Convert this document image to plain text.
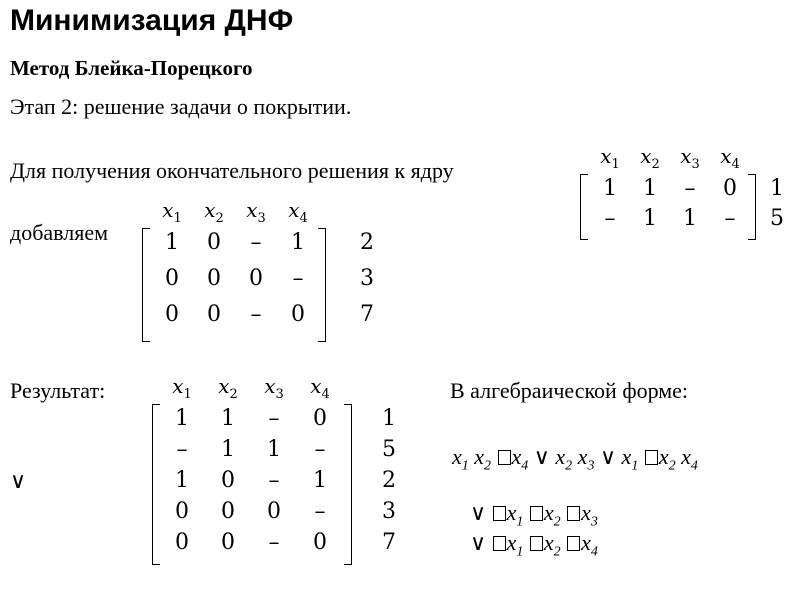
Минимизация ДНФ
Метод Блейка-Порецкого
Этап 2: решение задачи о покрытии.
Для получения окончательного решения к ядру
добавляем
Результат:
∨
В алгебраической форме:
$x_1$	$x_2$	$x_3$	$x_4$
1	1	–	0	1
–	1	1	–	5
$x_1$	$x_2$	$x_3$	$x_4$
1	0	–	1	2
0	0	0	–	3
0	0	–	0	7
$x_1$	$x_2$	$x_3$	$x_4$
1	1	–	0	1
–	1	1	–	5
1	0	–	1	2
0	0	0	–	3
0	0	–	0	7
$x_1$ $x_2$ $x_4$ ∨ $x_2$ $x_3$ ∨ $x_1$ $x_2$ $x_4$
∨ $x_1$ $x_2$ $x_3$
∨ $x_1$ $x_2$ $x_4$
